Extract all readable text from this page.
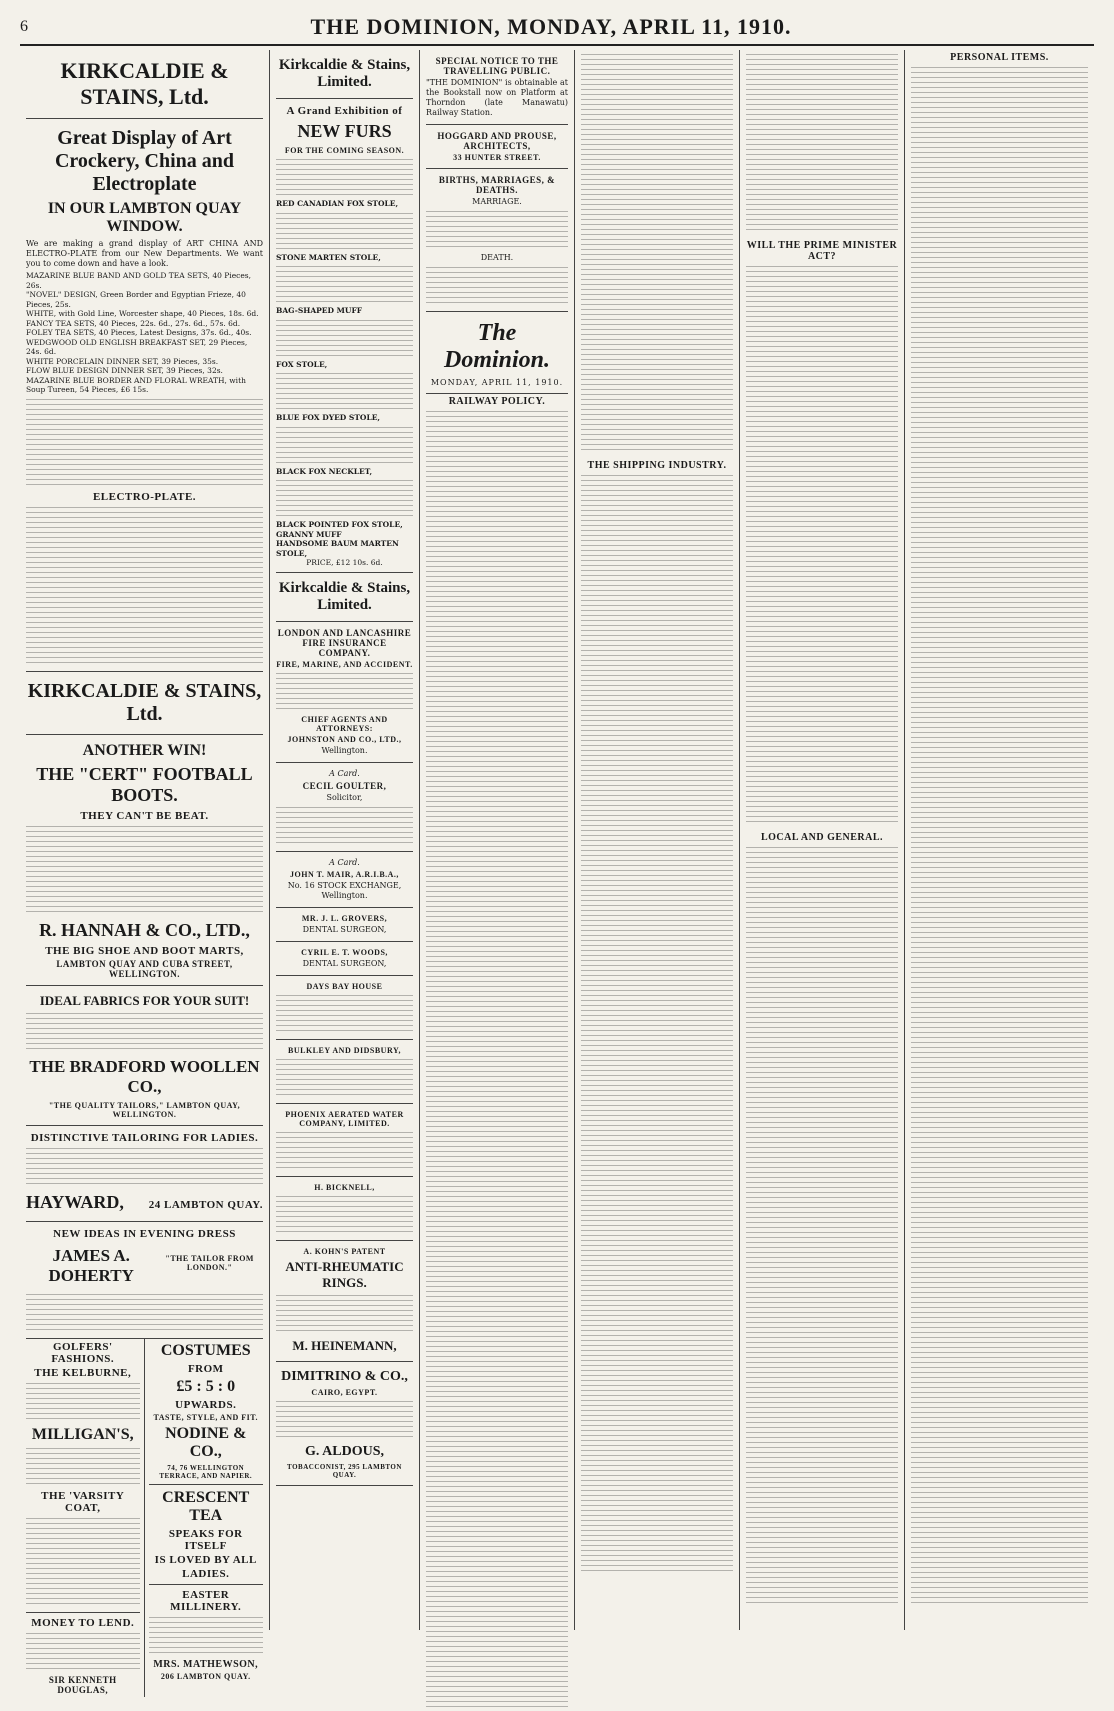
6	THE DOMINION, MONDAY, APRIL 11, 1910.
KIRKCALDIE & STAINS, Ltd.
Great Display of Art Crockery, China and Electroplate
IN OUR LAMBTON QUAY WINDOW.
We are making a grand display of ART CHINA AND ELECTRO-PLATE from our New Departments. We want you to come down and have a look.
MAZARINE BLUE BAND AND GOLD TEA SETS, 40 Pieces, 26s.
"NOVEL" DESIGN, Green Border and Egyptian Frieze, 40 Pieces, 25s.
WHITE, with Gold Line, Worcester shape, 40 Pieces, 18s. 6d.
FANCY TEA SETS, 40 Pieces, 22s. 6d., 27s. 6d., 57s. 6d.
FOLEY TEA SETS, 40 Pieces, Latest Designs, 37s. 6d., 40s.
WEDGWOOD OLD ENGLISH BREAKFAST SET, 29 Pieces, 24s. 6d.
WHITE PORCELAIN DINNER SET, 39 Pieces, 35s.
FLOW BLUE DESIGN DINNER SET, 39 Pieces, 32s.
MAZARINE BLUE BORDER AND FLORAL WREATH, with Soup Tureen, 54 Pieces, £6 15s.
ELECTRO-PLATE.
KIRKCALDIE & STAINS, Ltd.
ANOTHER WIN!
THE "CERT" FOOTBALL BOOTS.
THEY CAN'T BE BEAT.
R. HANNAH & CO., LTD.,
THE BIG SHOE AND BOOT MARTS,
LAMBTON QUAY AND CUBA STREET, WELLINGTON.
IDEAL FABRICS FOR YOUR SUIT!
THE BRADFORD WOOLLEN CO.,
"THE QUALITY TAILORS," LAMBTON QUAY, WELLINGTON.
DISTINCTIVE TAILORING FOR LADIES.
HAYWARD, 24 LAMBTON QUAY.
NEW IDEAS IN EVENING DRESS
JAMES A. DOHERTY
"THE TAILOR FROM LONDON."
GOLFERS' FASHIONS.
THE KELBURNE,
MILLIGAN'S,
THE 'VARSITY COAT,
MONEY TO LEND.
SIR KENNETH DOUGLAS,
COSTUMES
FROM
£5 : 5 : 0
UPWARDS.
TASTE, STYLE, AND FIT.
NODINE & CO.,
74, 76 WELLINGTON TERRACE, AND NAPIER.
CRESCENT TEA
SPEAKS FOR ITSELF
IS LOVED BY ALL
LADIES.
EASTER MILLINERY.
MRS. MATHEWSON,
206 LAMBTON QUAY.
Kirkcaldie & Stains, Limited.
A Grand Exhibition of
NEW FURS
FOR THE COMING SEASON.
RED CANADIAN FOX STOLE,
STONE MARTEN STOLE,
BAG-SHAPED MUFF
FOX STOLE,
BLUE FOX DYED STOLE,
BLACK FOX NECKLET,
BLACK POINTED FOX STOLE,
GRANNY MUFF
HANDSOME BAUM MARTEN STOLE,
PRICE, £12 10s. 6d.
Kirkcaldie & Stains, Limited.
LONDON AND LANCASHIRE FIRE INSURANCE COMPANY.
FIRE, MARINE, AND ACCIDENT.
CHIEF AGENTS AND ATTORNEYS:
JOHNSTON AND CO., LTD.,
Wellington.
A Card.
CECIL GOULTER,
Solicitor,
A Card.
JOHN T. MAIR, A.R.I.B.A.,
No. 16 STOCK EXCHANGE, Wellington.
MR. J. L. GROVERS,
DENTAL SURGEON,
CYRIL E. T. WOODS,
DENTAL SURGEON,
DAYS BAY HOUSE
BULKLEY AND DIDSBURY,
PHOENIX AERATED WATER COMPANY, LIMITED.
H. BICKNELL,
A. KOHN'S PATENT
ANTI-RHEUMATIC RINGS.
M. HEINEMANN,
DIMITRINO & CO.,
CAIRO, EGYPT.
G. ALDOUS,
TOBACCONIST, 295 LAMBTON QUAY.
SPECIAL NOTICE TO THE TRAVELLING PUBLIC.
"THE DOMINION" is obtainable at the Bookstall now on Platform at Thorndon (late Manawatu) Railway Station.
HOGGARD AND PROUSE, ARCHITECTS,
33 HUNTER STREET.
BIRTHS, MARRIAGES, & DEATHS.
MARRIAGE.
DEATH.
The Dominion.
MONDAY, APRIL 11, 1910.
RAILWAY POLICY.
THE SHIPPING INDUSTRY.
WILL THE PRIME MINISTER ACT?
LOCAL AND GENERAL.
PERSONAL ITEMS.
